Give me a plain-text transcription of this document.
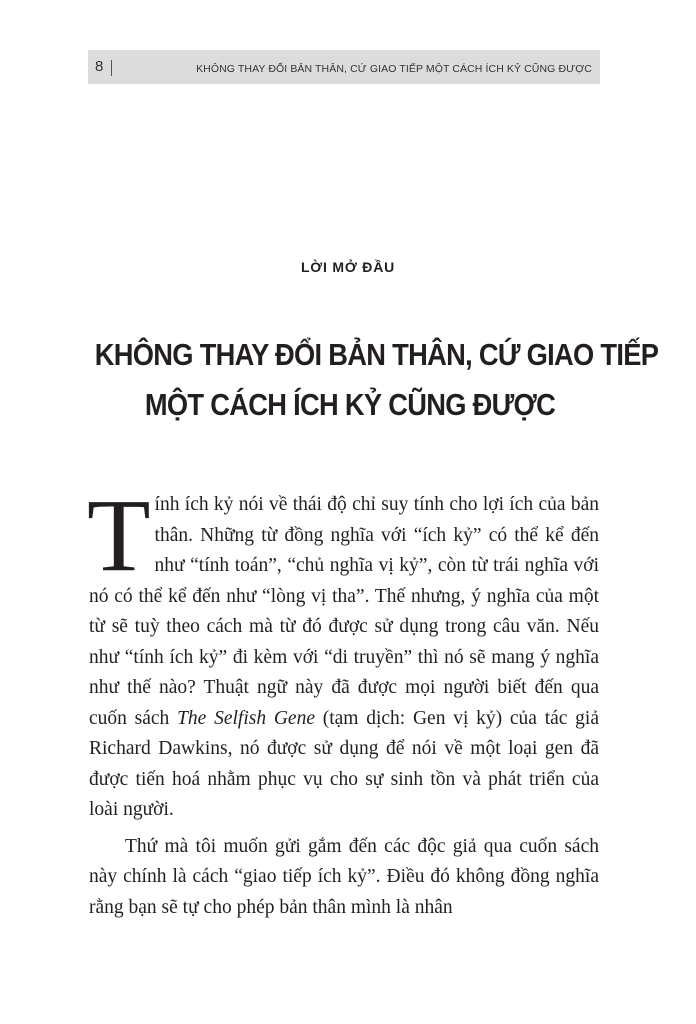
8	KHÔNG THAY ĐỔI BẢN THÂN, CỨ GIAO TIẾP MỘT CÁCH ÍCH KỶ CŨNG ĐƯỢC
LỜI MỞ ĐẦU
KHÔNG THAY ĐỔI BẢN THÂN, CỨ GIAO TIẾP
MỘT CÁCH ÍCH KỶ CŨNG ĐƯỢC

Tính ích kỷ nói về thái độ chỉ suy tính cho lợi ích của bản thân. Những từ đồng nghĩa với “ích kỷ” có thể kể đến như “tính toán”, “chủ nghĩa vị kỷ”, còn từ trái nghĩa với nó có thể kể đến như “lòng vị tha”. Thế nhưng, ý nghĩa của một từ sẽ tuỳ theo cách mà từ đó được sử dụng trong câu văn. Nếu như “tính ích kỷ” đi kèm với “di truyền” thì nó sẽ mang ý nghĩa như thế nào? Thuật ngữ này đã được mọi người biết đến qua cuốn sách The Selfish Gene (tạm dịch: Gen vị kỷ) của tác giả Richard Dawkins, nó được sử dụng để nói về một loại gen đã được tiến hoá nhằm phục vụ cho sự sinh tồn và phát triển của loài người.

Thứ mà tôi muốn gửi gắm đến các độc giả qua cuốn sách này chính là cách “giao tiếp ích kỷ”. Điều đó không đồng nghĩa rằng bạn sẽ tự cho phép bản thân mình là nhân
